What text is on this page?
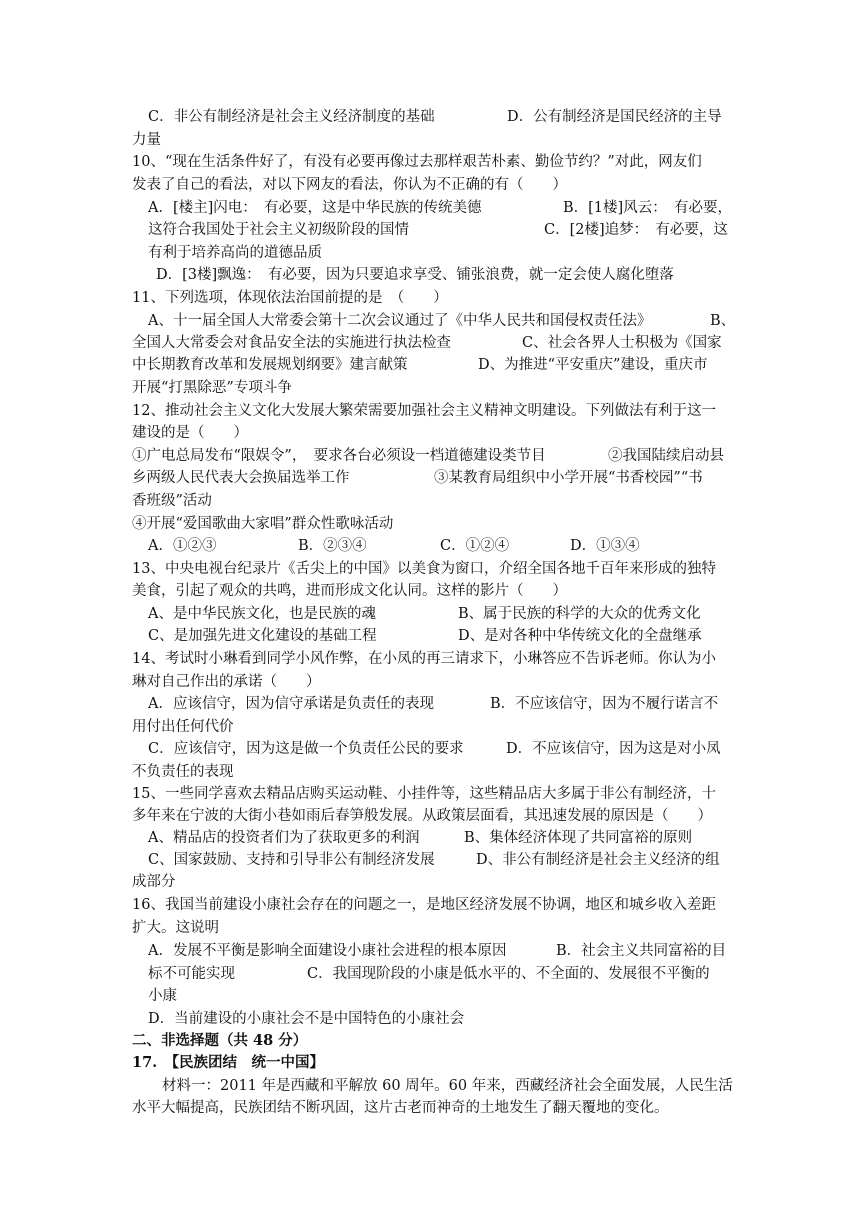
C．非公有制经济是社会主义经济制度的基础	D．公有制经济是国民经济的主导
力量
10、“现在生活条件好了，有没有必要再像过去那样艰苦朴素、勤俭节约？”对此，网友们
发表了自己的看法，对以下网友的看法，你认为不正确的有（　　）
A．[楼主]闪电：　有必要，这是中华民族的传统美德	B．[1楼]风云：　有必要，
这符合我国处于社会主义初级阶段的国情	C．[2楼]追梦：　有必要，这
有利于培养高尚的道德品质
D．[3楼]飘逸：　有必要，因为只要追求享受、铺张浪费，就一定会使人腐化堕落
11、下列选项，体现依法治国前提的是　（　　）
A、十一届全国人大常委会第十二次会议通过了《中华人民共和国侵权责任法》	B、
全国人大常委会对食品安全法的实施进行执法检查	C、社会各界人士积极为《国家
中长期教育改革和发展规划纲要》建言献策	D、为推进“平安重庆”建设，重庆市
开展“打黑除恶”专项斗争
12、推动社会主义文化大发展大繁荣需要加强社会主义精神文明建设。下列做法有利于这一
建设的是（　　）
①广电总局发布“限娱令”，　要求各台必须设一档道德建设类节目	②我国陆续启动县
乡两级人民代表大会换届选举工作	③某教育局组织中小学开展“书香校园”“书
香班级”活动
④开展“爱国歌曲大家唱”群众性歌咏活动
A．①②③	B．②③④	C．①②④	D．①③④
13、中央电视台纪录片《舌尖上的中国》以美食为窗口，介绍全国各地千百年来形成的独特
美食，引起了观众的共鸣，进而形成文化认同。这样的影片（　　）
A、是中华民族文化，也是民族的魂	B、属于民族的科学的大众的优秀文化
C、是加强先进文化建设的基础工程	D、是对各种中华传统文化的全盘继承
14、考试时小琳看到同学小风作弊，在小凤的再三请求下，小琳答应不告诉老师。你认为小
琳对自己作出的承诺（　　）
A．应该信守，因为信守承诺是负责任的表现	B．不应该信守，因为不履行诺言不
用付出任何代价
C．应该信守，因为这是做一个负责任公民的要求	D．不应该信守，因为这是对小凤
不负责任的表现
15、一些同学喜欢去精品店购买运动鞋、小挂件等，这些精品店大多属于非公有制经济，十
多年来在宁波的大街小巷如雨后春笋般发展。从政策层面看，其迅速发展的原因是（　　）
A、精品店的投资者们为了获取更多的利润	B、集体经济体现了共同富裕的原则
C、国家鼓励、支持和引导非公有制经济发展	D、非公有制经济是社会主义经济的组
成部分
16、我国当前建设小康社会存在的问题之一，是地区经济发展不协调，地区和城乡收入差距
扩大。这说明
A．发展不平衡是影响全面建设小康社会进程的根本原因	B．社会主义共同富裕的目
标不可能实现	C．我国现阶段的小康是低水平的、不全面的、发展很不平衡的
小康
D．当前建设的小康社会不是中国特色的小康社会
二、非选择题（共 48 分）
17.　【民族团结　统一中国】
材料一：2011 年是西藏和平解放 60 周年。60 年来，西藏经济社会全面发展，人民生活
水平大幅提高，民族团结不断巩固，这片古老而神奇的土地发生了翻天覆地的变化。
